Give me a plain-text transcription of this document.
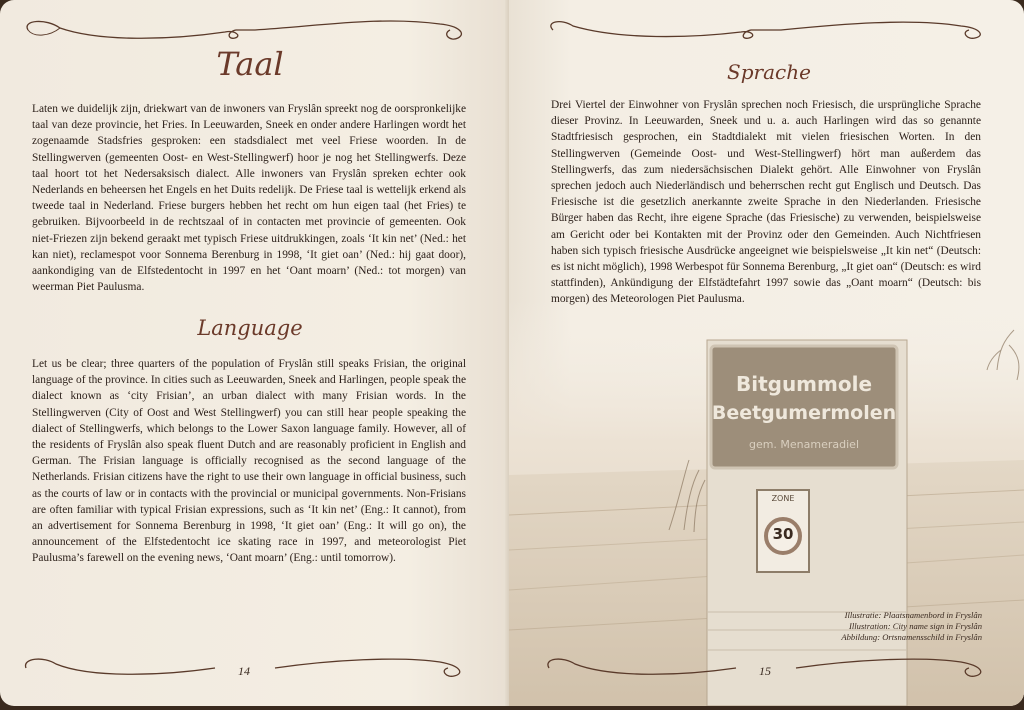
Taal
Laten we duidelijk zijn, driekwart van de inwoners van Fryslân spreekt nog de oorspronkelijke taal van deze provincie, het Fries. In Leeuwarden, Sneek en onder andere Harlingen wordt het zogenaamde Stadsfries gesproken: een stadsdialect met veel Friese woorden. In de Stellingwerven (gemeenten Oost- en West-Stellingwerf) hoor je nog het Stellingwerfs. Deze taal hoort tot het Nedersaksisch dialect. Alle inwoners van Fryslân spreken echter ook Nederlands en beheersen het Engels en het Duits redelijk. De Friese taal is wettelijk erkend als tweede taal in Nederland. Friese burgers hebben het recht om hun eigen taal (het Fries) te gebruiken. Bijvoorbeeld in de rechtszaal of in contacten met provincie of gemeenten. Ook niet-Friezen zijn bekend geraakt met typisch Friese uitdrukkingen, zoals ‘It kin net’ (Ned.: het kan niet), reclamespot voor Sonnema Berenburg in 1998, ‘It giet oan’ (Ned.: hij gaat door), aankondiging van de Elfstedentocht in 1997 en het ‘Oant moarn’ (Ned.: tot morgen) van weerman Piet Paulusma.
Language
Let us be clear; three quarters of the population of Fryslân still speaks Frisian, the original language of the province. In cities such as Leeuwarden, Sneek and Harlingen, people speak the dialect known as ‘city Frisian’, an urban dialect with many Frisian words. In the Stellingwerven (City of Oost and West Stellingwerf) you can still hear people speaking the dialect of Stellingwerfs, which belongs to the Lower Saxon language family. However, all of the residents of Fryslân also speak fluent Dutch and are reasonably proficient in English and German. The Frisian language is officially recognised as the second language of the Netherlands. Frisian citizens have the right to use their own language in official business, such as the courts of law or in contacts with the provincial or municipal governments. Non-Frisians are often familiar with typical Frisian expressions, such as ‘It kin net’ (Eng.: It cannot), from an advertisement for Sonnema Berenburg in 1998, ‘It giet oan’ (Eng.: It will go on), the announcement of the Elfstedentocht ice skating race in 1997, and meteorologist Piet Paulusma’s farewell on the evening news, ‘Oant moarn’ (Eng.: until tomorrow).
14
Bitgummole
Beetgumermolen
gem. Menameradiel
ZONE
30
Sprache
Drei Viertel der Einwohner von Fryslân sprechen noch Friesisch, die ursprüngliche Sprache dieser Provinz. In Leeuwarden, Sneek und u. a. auch Harlingen wird das so genannte Stadtfriesisch gesprochen, ein Stadtdialekt mit vielen friesischen Worten. In den Stellingwerven (Gemeinde Oost- und West-Stellingwerf) hört man außerdem das Stellingwerfs, das zum niedersächsischen Dialekt gehört. Alle Einwohner von Fryslân sprechen jedoch auch Niederländisch und beherrschen recht gut Englisch und Deutsch. Das Friesische ist die gesetzlich anerkannte zweite Sprache in den Niederlanden. Friesische Bürger haben das Recht, ihre eigene Sprache (das Friesische) zu verwenden, beispielsweise am Gericht oder bei Kontakten mit der Provinz oder den Gemeinden. Auch Nichtfriesen haben sich typisch friesische Ausdrücke angeeignet wie beispielsweise „It kin net“ (Deutsch: es ist nicht möglich), 1998 Werbespot für Sonnema Berenburg, „It giet oan“ (Deutsch: es wird stattfinden), Ankündigung der Elfstädtefahrt 1997 sowie das „Oant moarn“ (Deutsch: bis morgen) des Meteorologen Piet Paulusma.
Illustratie: Plaatsnamenbord in Fryslân
Illustration: City name sign in Fryslân
Abbildung: Ortsnamensschild in Fryslân
15
